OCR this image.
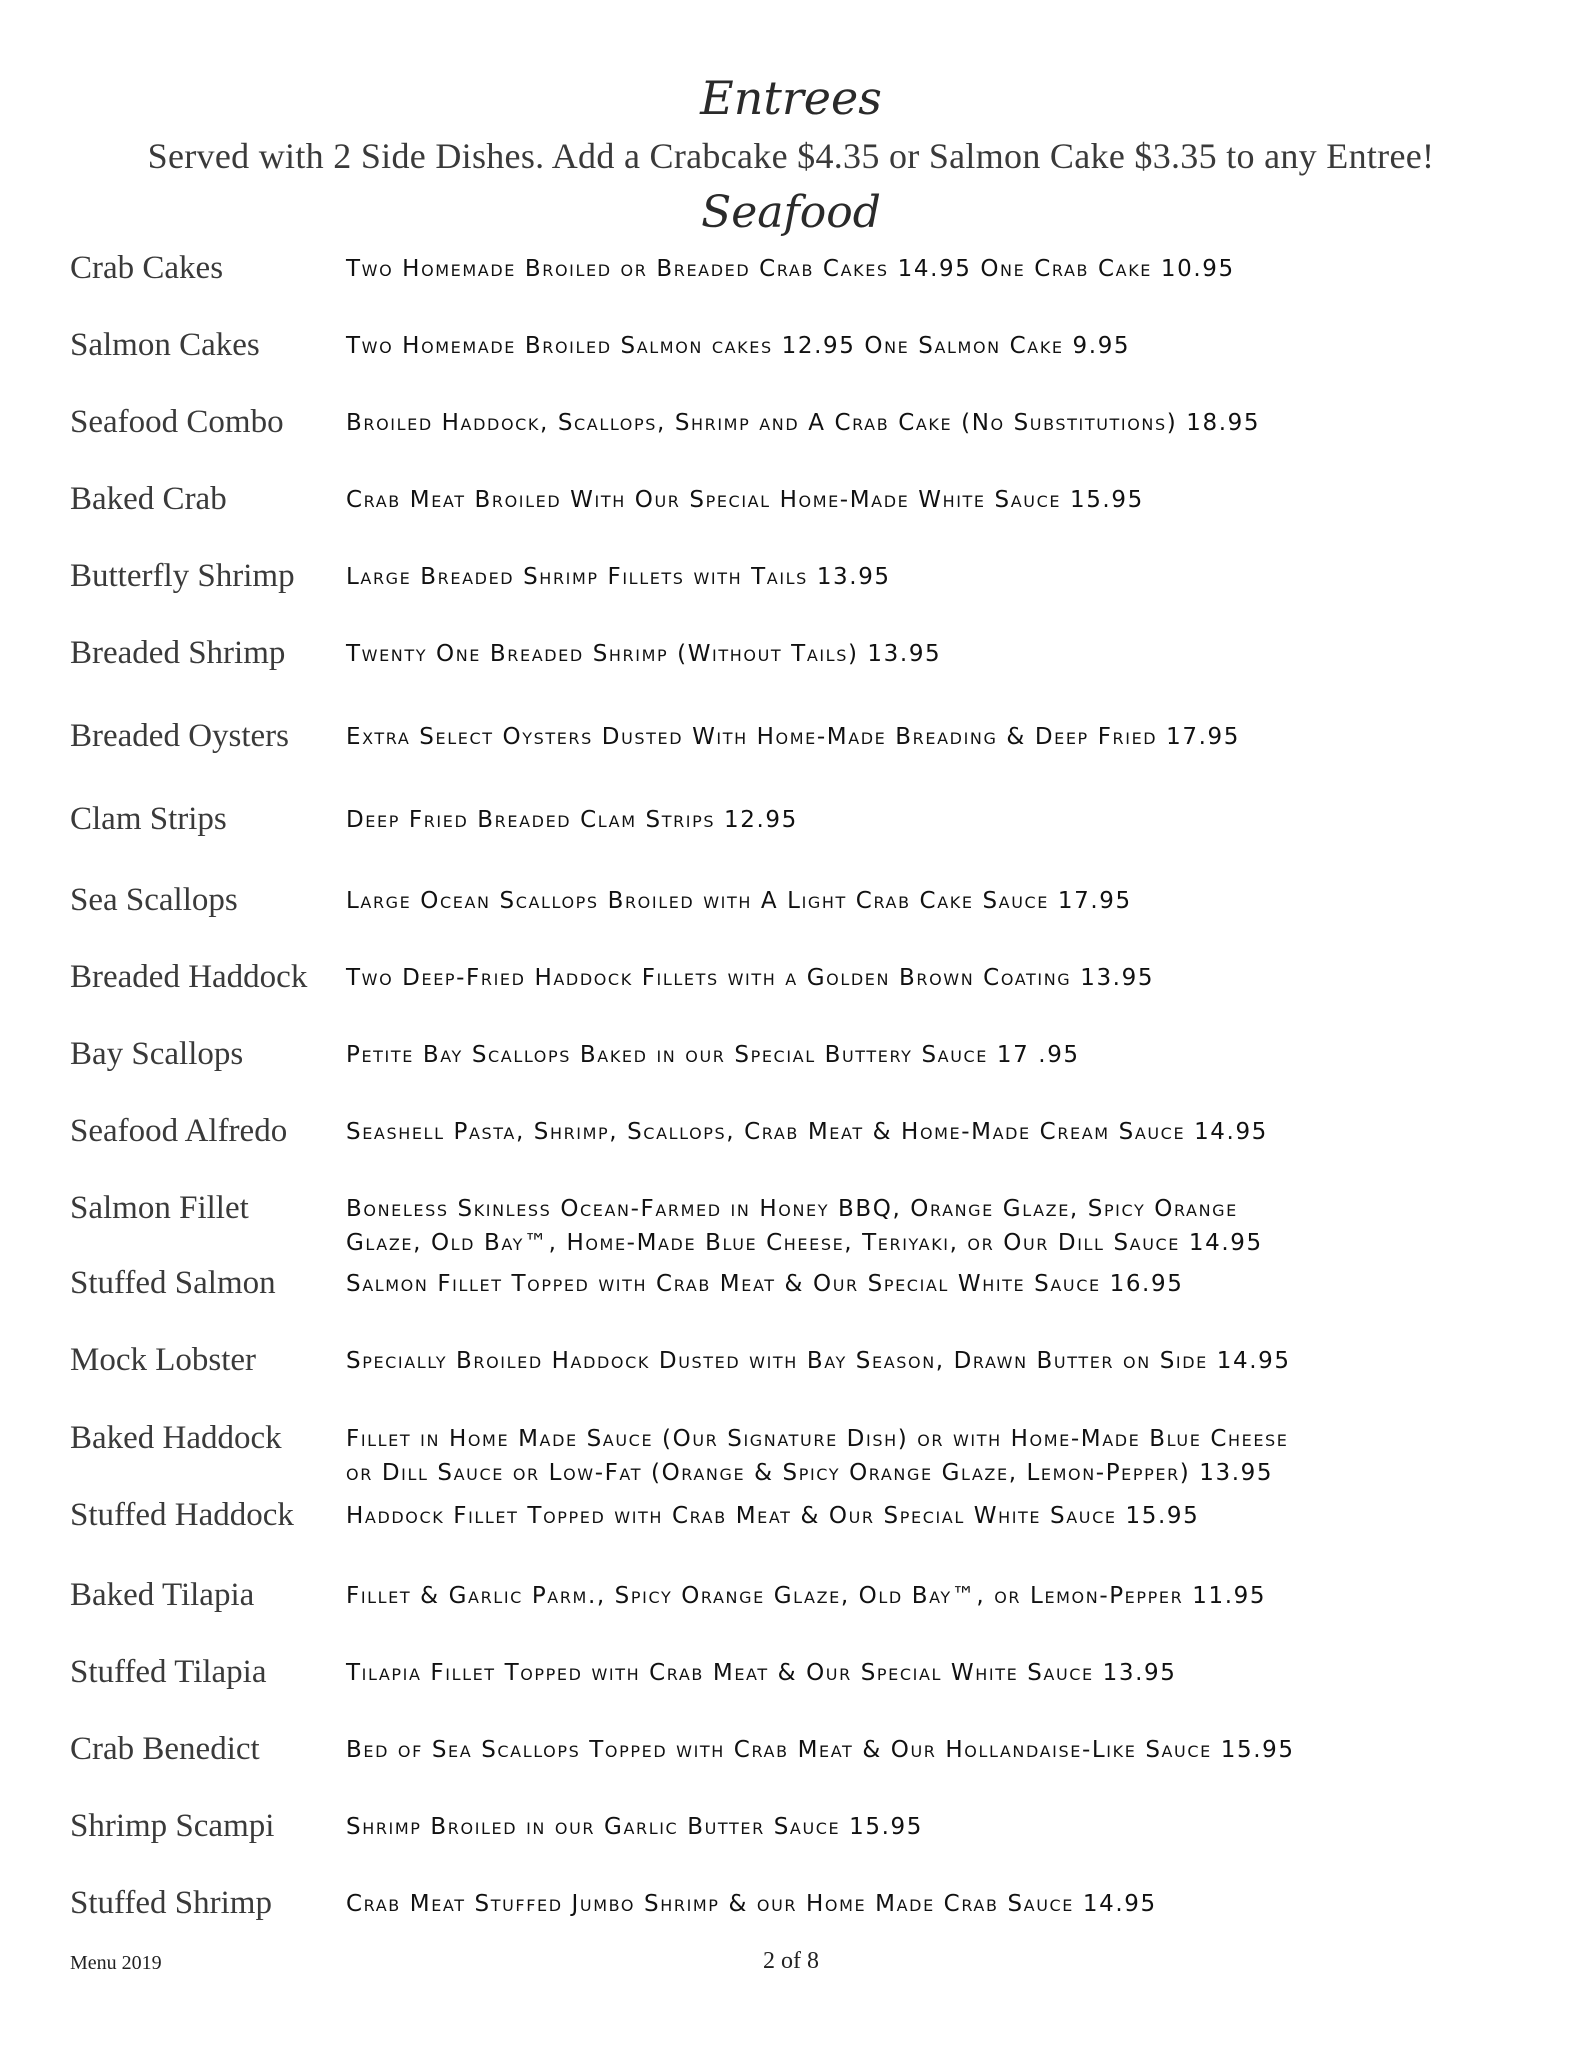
Entrees
Served with 2 Side Dishes. Add a Crabcake $4.35 or Salmon Cake $3.35 to any Entree!
Seafood
Crab Cakes	Two Homemade Broiled or Breaded Crab Cakes 14.95 One Crab Cake 10.95
Salmon Cakes	Two Homemade Broiled Salmon cakes 12.95 One Salmon Cake 9.95
Seafood Combo	Broiled Haddock, Scallops, Shrimp and A Crab Cake (No Substitutions) 18.95
Baked Crab	Crab Meat Broiled With Our Special Home-Made White Sauce 15.95
Butterfly Shrimp	Large Breaded Shrimp Fillets with Tails 13.95
Breaded Shrimp	Twenty One Breaded Shrimp (Without Tails) 13.95
Breaded Oysters	Extra Select Oysters Dusted With Home-Made Breading & Deep Fried 17.95
Clam Strips	Deep Fried Breaded Clam Strips 12.95
Sea Scallops	Large Ocean Scallops Broiled with A Light Crab Cake Sauce 17.95
Breaded Haddock	Two Deep-Fried Haddock Fillets with a Golden Brown Coating 13.95
Bay Scallops	Petite Bay Scallops Baked in our Special Buttery Sauce 17 .95
Seafood Alfredo	Seashell Pasta, Shrimp, Scallops, Crab Meat & Home-Made Cream Sauce 14.95
Salmon Fillet	Boneless Skinless Ocean-Farmed in Honey BBQ, Orange Glaze, Spicy Orange
Glaze, Old Bay™, Home-Made Blue Cheese, Teriyaki, or Our Dill Sauce 14.95
Stuffed Salmon	Salmon Fillet Topped with Crab Meat & Our Special White Sauce 16.95
Mock Lobster	Specially Broiled Haddock Dusted with Bay Season, Drawn Butter on Side 14.95
Baked Haddock	Fillet in Home Made Sauce (Our Signature Dish) or with Home-Made Blue Cheese
or Dill Sauce or Low-Fat (Orange & Spicy Orange Glaze, Lemon-Pepper) 13.95
Stuffed Haddock	Haddock Fillet Topped with Crab Meat & Our Special White Sauce 15.95
Baked Tilapia	Fillet & Garlic Parm., Spicy Orange Glaze, Old Bay™, or Lemon-Pepper 11.95
Stuffed Tilapia	Tilapia Fillet Topped with Crab Meat & Our Special White Sauce 13.95
Crab Benedict	Bed of Sea Scallops Topped with Crab Meat & Our Hollandaise-Like Sauce 15.95
Shrimp Scampi	Shrimp Broiled in our Garlic Butter Sauce 15.95
Stuffed Shrimp	Crab Meat Stuffed Jumbo Shrimp & our Home Made Crab Sauce 14.95
Menu 2019	2 of 8
